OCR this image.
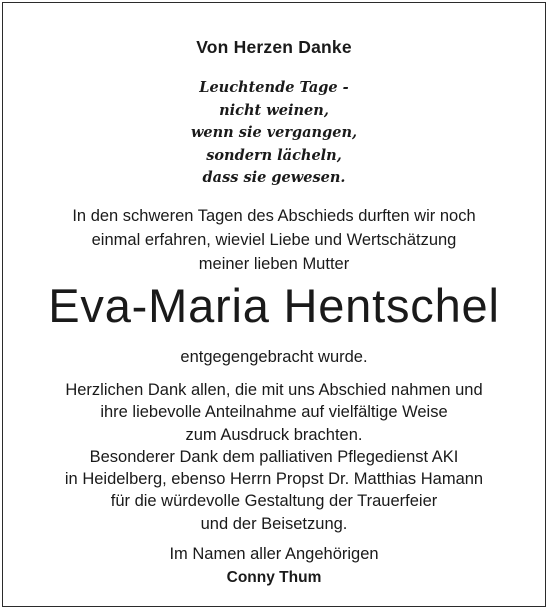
Von Herzen Danke
Leuchtende Tage -
nicht weinen,
wenn sie vergangen,
sondern lächeln,
dass sie gewesen.
In den schweren Tagen des Abschieds durften wir noch
einmal erfahren, wieviel Liebe und Wertschätzung
meiner lieben Mutter
Eva-Maria Hentschel
entgegengebracht wurde.
Herzlichen Dank allen, die mit uns Abschied nahmen und
ihre liebevolle Anteilnahme auf vielfältige Weise
zum Ausdruck brachten.
Besonderer Dank dem palliativen Pflegedienst AKI
in Heidelberg, ebenso Herrn Propst Dr. Matthias Hamann
für die würdevolle Gestaltung der Trauerfeier
und der Beisetzung.
Im Namen aller Angehörigen
Conny Thum
